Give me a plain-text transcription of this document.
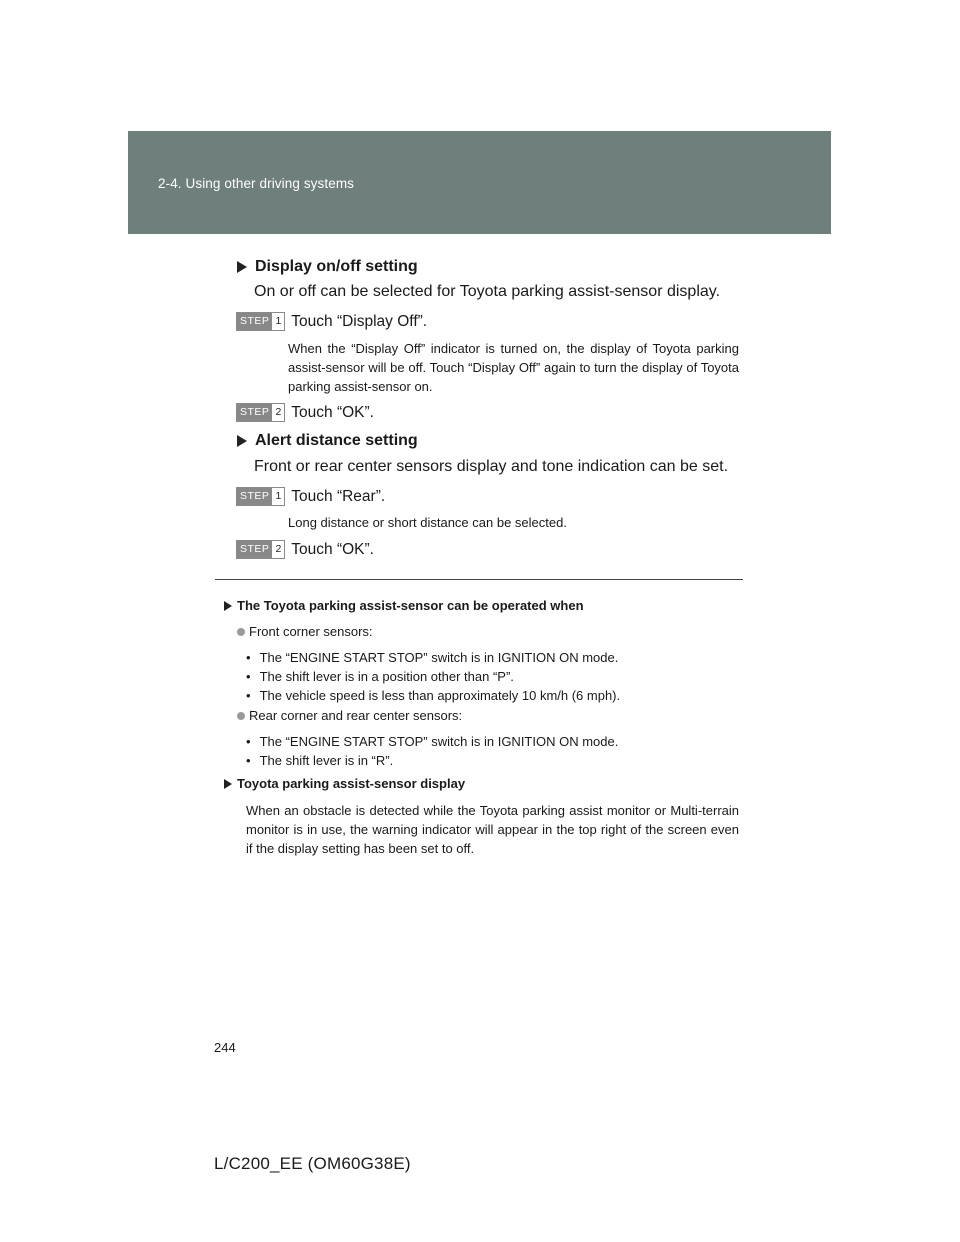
2-4. Using other driving systems
Display on/off setting
On or off can be selected for Toyota parking assist-sensor display.
STEP 1 Touch “Display Off”.
When the “Display Off” indicator is turned on, the display of Toyota parking assist-sensor will be off. Touch “Display Off” again to turn the display of Toyota parking assist-sensor on.
STEP 2 Touch “OK”.
Alert distance setting
Front or rear center sensors display and tone indication can be set.
STEP 1 Touch “Rear”.
Long distance or short distance can be selected.
STEP 2 Touch “OK”.
The Toyota parking assist-sensor can be operated when
Front corner sensors:
• The “ENGINE START STOP” switch is in IGNITION ON mode.
• The shift lever is in a position other than “P”.
• The vehicle speed is less than approximately 10 km/h (6 mph).
Rear corner and rear center sensors:
• The “ENGINE START STOP” switch is in IGNITION ON mode.
• The shift lever is in “R”.
Toyota parking assist-sensor display
When an obstacle is detected while the Toyota parking assist monitor or Multi-terrain monitor is in use, the warning indicator will appear in the top right of the screen even if the display setting has been set to off.
244
L/C200_EE (OM60G38E)
